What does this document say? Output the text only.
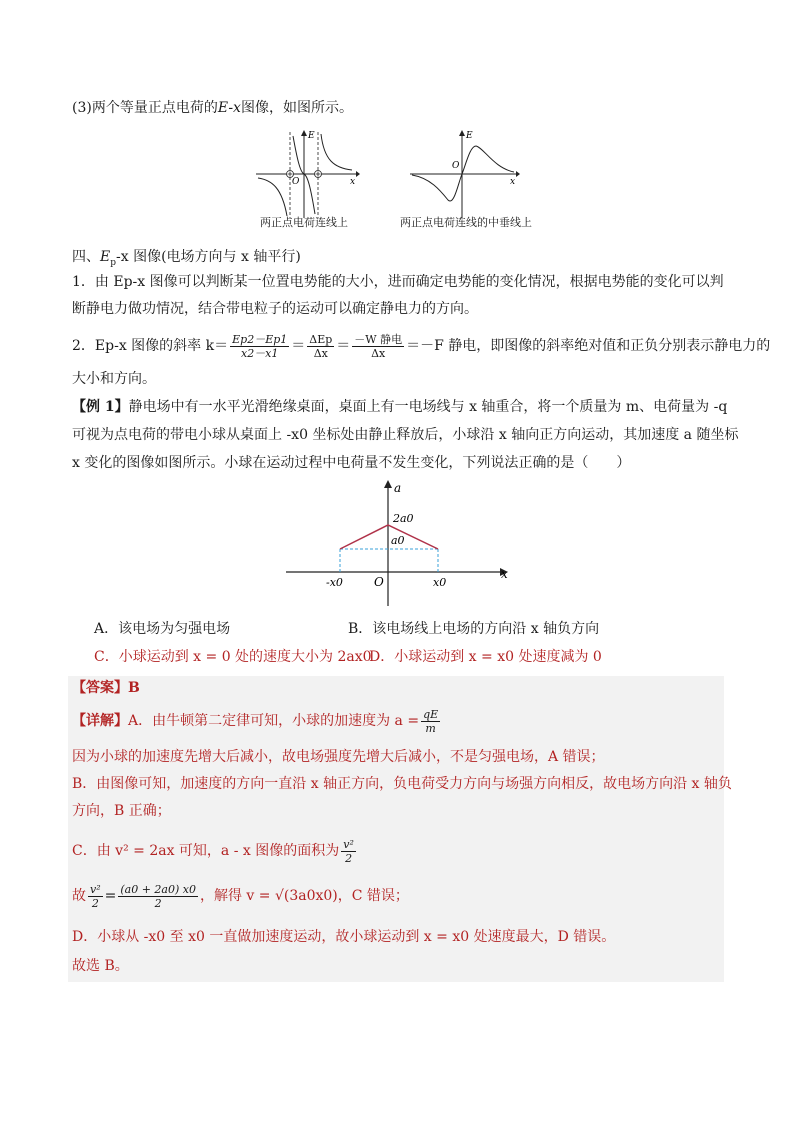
(3)两个等量正点电荷的E-x图像，如图所示。
E
x
O
两正点电荷连线上
E
x
O
两正点电荷连线的中垂线上
四、$E_p-x$ 图像(电场方向与 x 轴平行)
1．由 Ep-x 图像可以判断某一位置电势能的大小，进而确定电势能的变化情况，根据电势能的变化可以判
断静电力做功情况，结合带电粒子的运动可以确定静电力的方向。
2．Ep-x 图像的斜率 $k= \frac{Ep2-Ep1}{x2-x1} = \frac{\text{ΔEp}}{\Delta x} = \frac{\text{－W 静电}}{\Delta x} =-F$ 静电，即图像的斜率绝对值和正负分别表示静电力的
大小和方向。
【例 1】静电场中有一水平光滑绝缘桌面，桌面上有一电场线与 x 轴重合，将一个质量为 m、电荷量为 -q
可视为点电荷的带电小球从桌面上 -x0 坐标处由静止释放后，小球沿 x 轴向正方向运动，其加速度 a 随坐标
x 变化的图像如图所示。小球在运动过程中电荷量不发生变化，下列说法正确的是（　　）
a
x
O
2a0
a0
-x0	x0
A．该电场为匀强电场	B．该电场线上电场的方向沿 x 轴负方向
C．小球运动到 x = 0 处的速度大小为 2ax0
D．小球运动到 x = x0 处速度减为 0
【答案】B
【详解】A．由牛顿第二定律可知，小球的加速度为 $a = \frac{qE}{m}$
因为小球的加速度先增大后减小，故电场强度先增大后减小，不是匀强电场，A 错误；
B．由图像可知，加速度的方向一直沿 x 轴正方向，负电荷受力方向与场强方向相反，故电场方向沿 x 轴负
方向，B 正确；
C．由 v² = 2ax 可知，a - x 图像的面积为 $\frac{\text{v²}}{2}$
故 $\frac{\text{v²}}{2} = \frac{(a0 + 2a0) x0}{2}$ ，解得 v = √(3a0x0)，C 错误；
D．小球从 -x0 至 x0 一直做加速度运动，故小球运动到 x = x0 处速度最大，D 错误。
故选 B。
